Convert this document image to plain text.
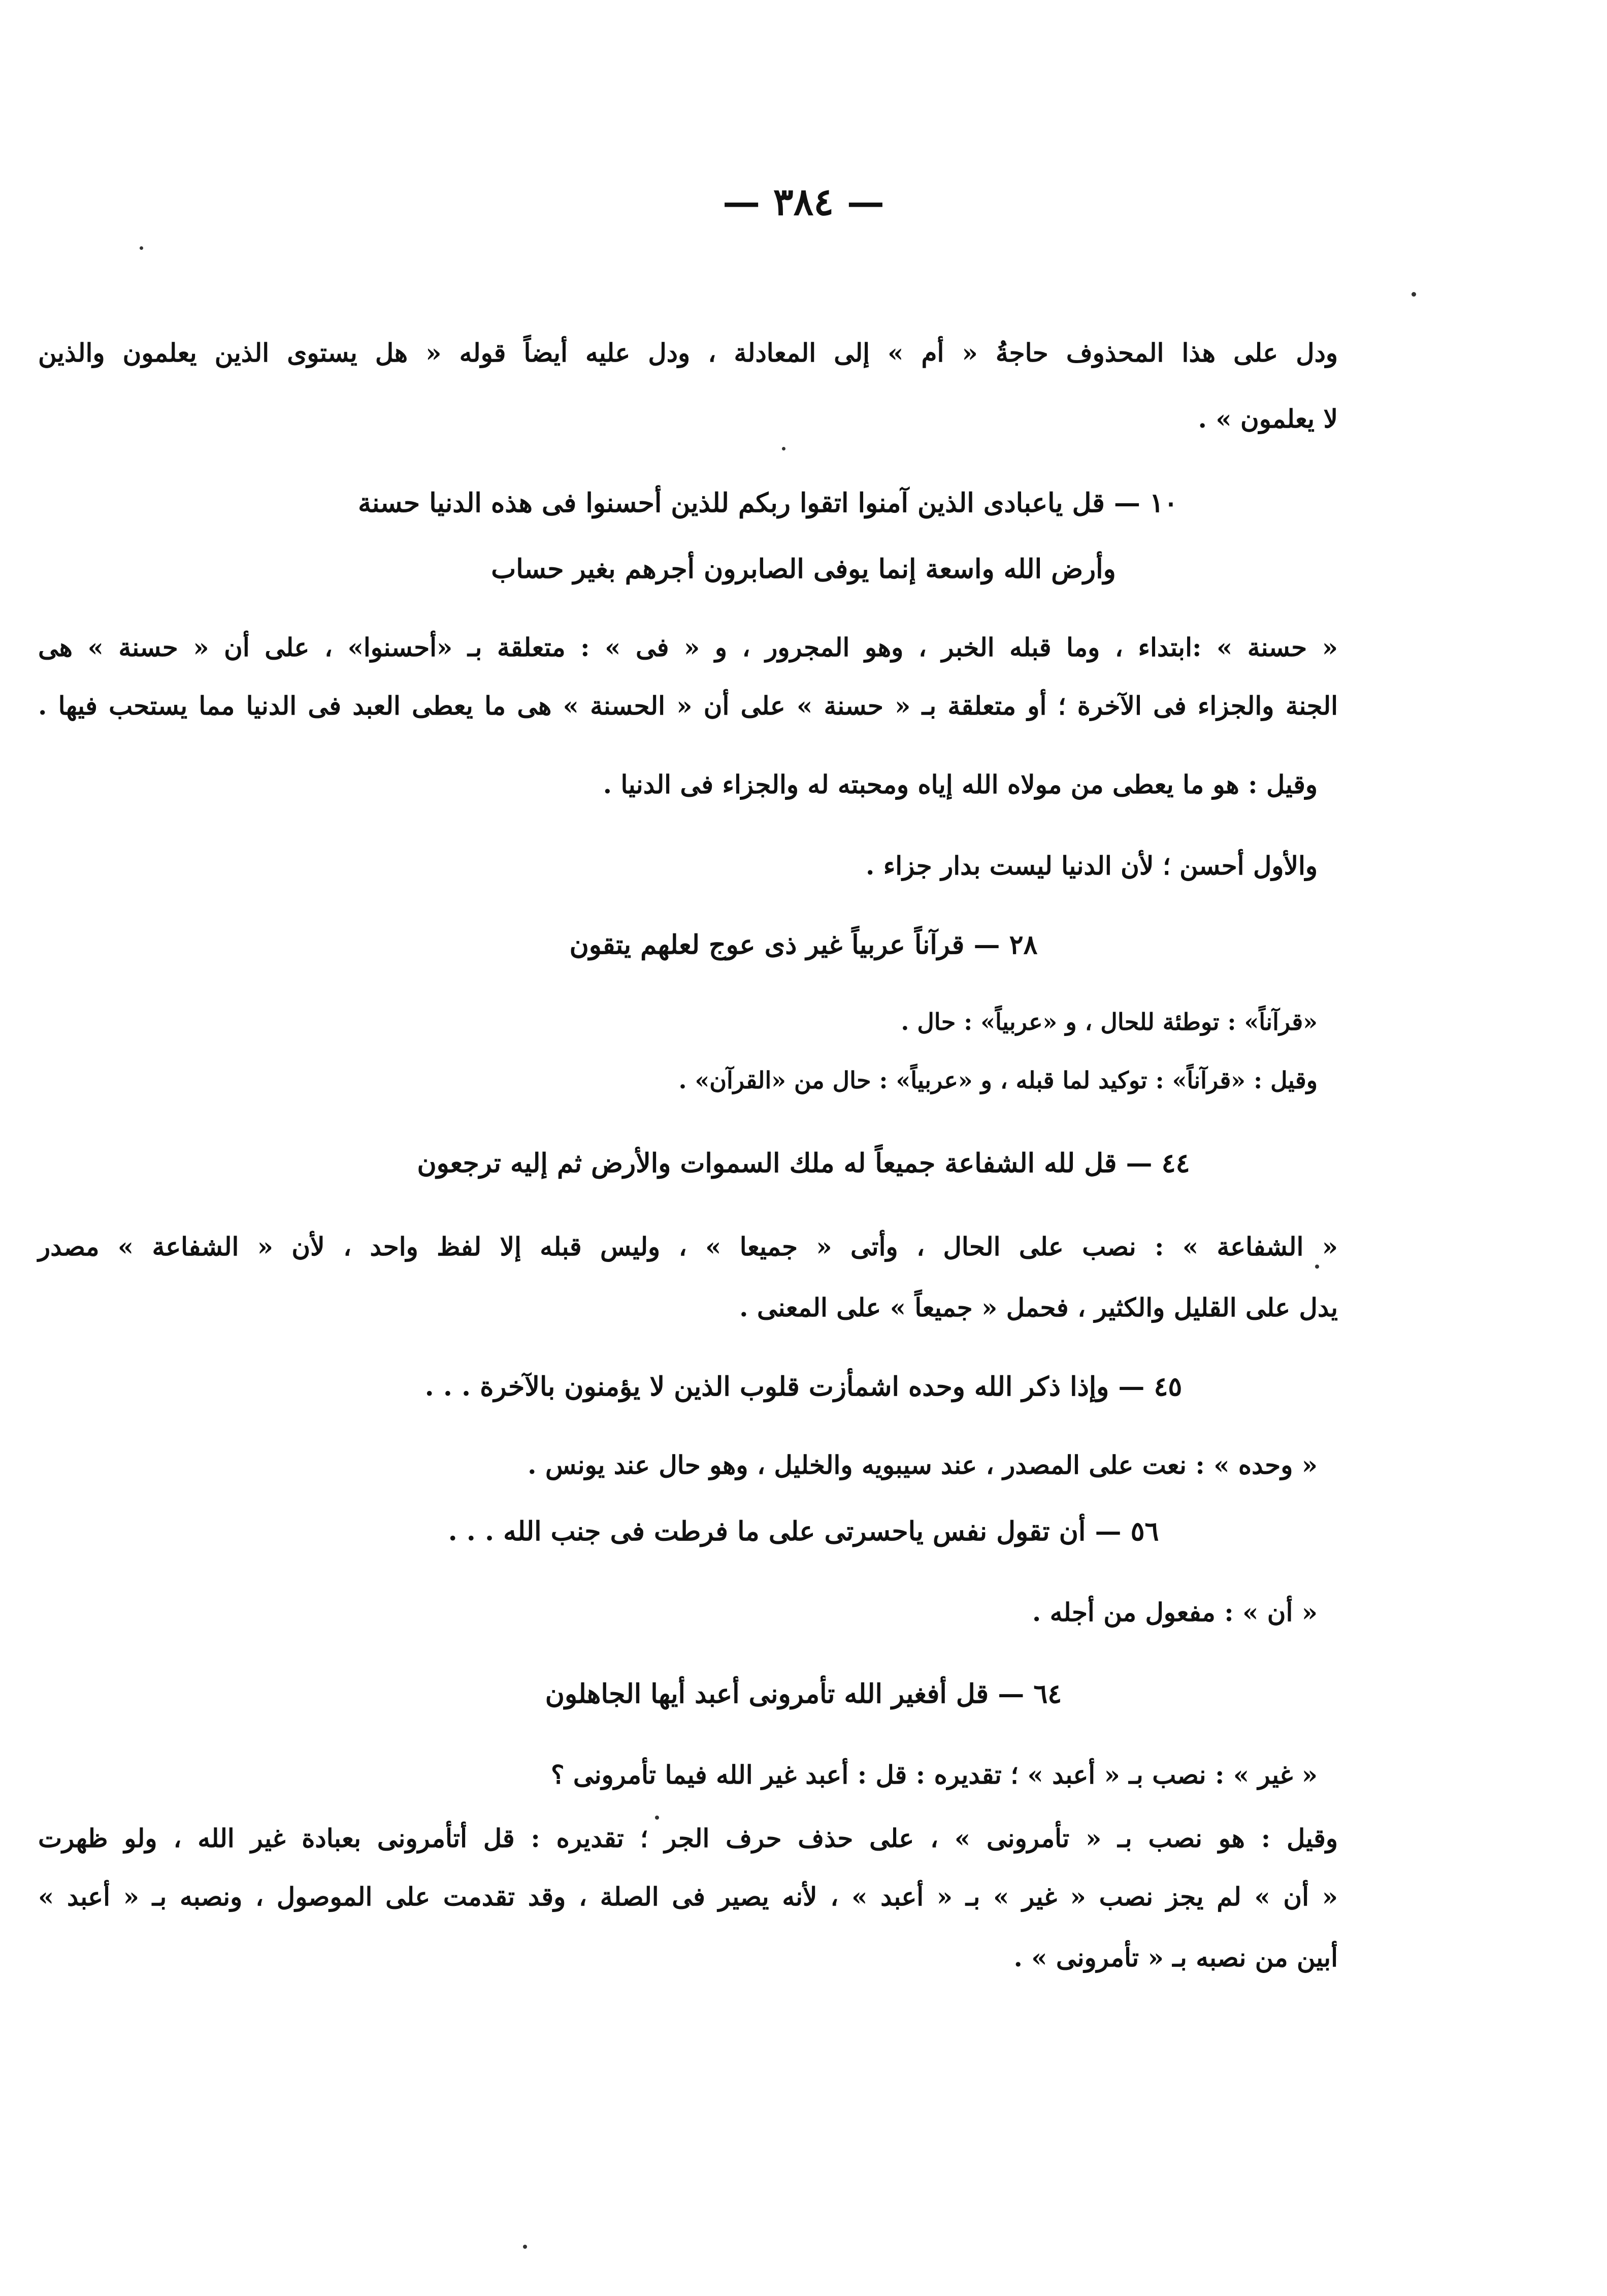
— ٣٨٤ —
ودل على هذا المحذوف حاجةُ « أم » إلى المعادلة ، ودل عليه أيضاً قوله « هل يستوى الذين يعلمون والذين
لا يعلمون » .
١٠ — قل ياعبادى الذين آمنوا اتقوا ربكم للذين أحسنوا فى هذه الدنيا حسنة
وأرض الله واسعة إنما يوفى الصابرون أجرهم بغير حساب
« حسنة » :ابتداء ، وما قبله الخبر ، وهو المجرور ، و « فى » : متعلقة بـ «أحسنوا» ، على أن « حسنة » هى
الجنة والجزاء فى الآخرة ؛ أو متعلقة بـ « حسنة » على أن « الحسنة » هى ما يعطى العبد فى الدنيا مما يستحب فيها .
وقيل : هو ما يعطى من مولاه الله إياه ومحبته له والجزاء فى الدنيا .
والأول أحسن ؛ لأن الدنيا ليست بدار جزاء .
٢٨ — قرآناً عربياً غير ذى عوج لعلهم يتقون
«قرآناً» : توطئة للحال ، و «عربياً» : حال .
وقيل : «قرآناً» : توكيد لما قبله ، و «عربياً» : حال من «القرآن» .
٤٤ — قل لله الشفاعة جميعاً له ملك السموات والأرض ثم إليه ترجعون
« الشفاعة » : نصب على الحال ، وأتى « جميعا » ، وليس قبله إلا لفظ واحد ، لأن « الشفاعة » مصدر
يدل على القليل والكثير ، فحمل « جميعاً » على المعنى .
٤٥ — وإذا ذكر الله وحده اشمأزت قلوب الذين لا يؤمنون بالآخرة . . .
« وحده » : نعت على المصدر ، عند سيبويه والخليل ، وهو حال عند يونس .
٥٦ — أن تقول نفس ياحسرتى على ما فرطت فى جنب الله . . .
« أن » : مفعول من أجله .
٦٤ — قل أفغير الله تأمرونى أعبد أيها الجاهلون
« غير » : نصب بـ « أعبد » ؛ تقديره : قل : أعبد غير الله فيما تأمرونى ؟
وقيل : هو نصب بـ « تأمرونى » ، على حذف حرف الجر ؛ تقديره : قل أتأمرونى بعبادة غير الله ، ولو ظهرت
« أن » لم يجز نصب « غير » بـ « أعبد » ، لأنه يصير فى الصلة ، وقد تقدمت على الموصول ، ونصبه بـ « أعبد »
أبين من نصبه بـ « تأمرونى » .
